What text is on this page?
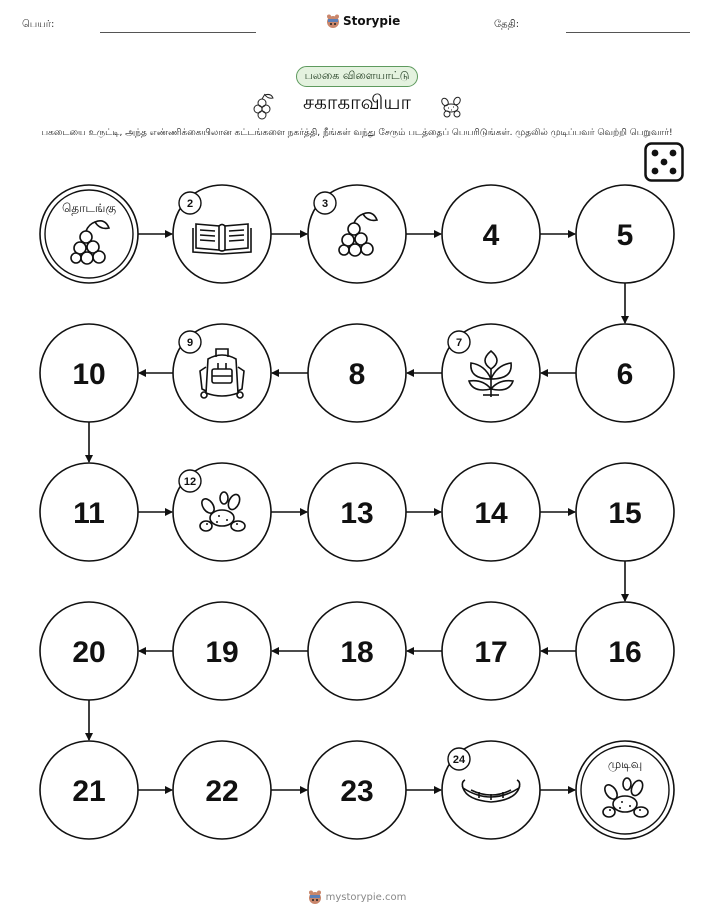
பெயர்:	Storypie	தேதி:
பலகை விளையாட்டு
சகாகாவியா
பகடையை உருட்டி, அந்த எண்ணிக்கையிலான கட்டங்களை நகர்த்தி, நீங்கள் வந்து சேரும் படத்தைப் பெயரிடுங்கள். முதலில் முடிப்பவர் வெற்றி பெறுவார்!
தொடங்கு	2	3
4	5
6
7
8
9
10
11
12
13	14	15
16
17
18
19
20
21	22	23
24	முடிவு
mystorypie.com
